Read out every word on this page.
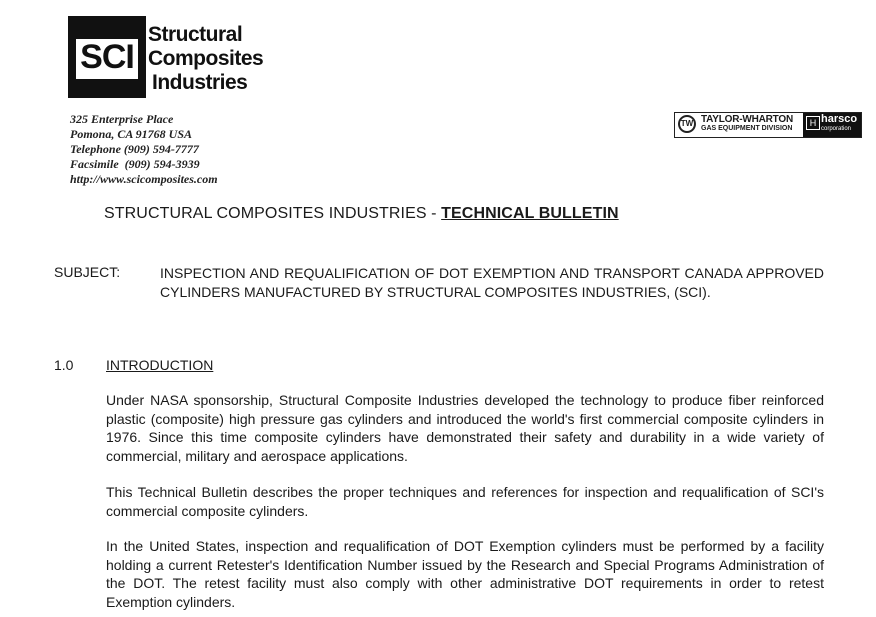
SCI
Structural
Composites
Industries
325 Enterprise Place
Pomona, CA 91768 USA
Telephone (909) 594-7777
Facsimile  (909) 594-3939
http://www.scicomposites.com
TW TAYLOR-WHARTON
GAS EQUIPMENT DIVISION
H harsco
corporation
STRUCTURAL COMPOSITES INDUSTRIES - TECHNICAL BULLETIN
SUBJECT:	INSPECTION AND REQUALIFICATION OF DOT EXEMPTION AND TRANSPORT CANADA APPROVED CYLINDERS MANUFACTURED BY STRUCTURAL COMPOSITES INDUSTRIES, (SCI).
1.0 INTRODUCTION
Under NASA sponsorship, Structural Composite Industries developed the technology to produce fiber reinforced plastic (composite) high pressure gas cylinders and introduced the world's first commercial composite cylinders in 1976. Since this time composite cylinders have demonstrated their safety and durability in a wide variety of commercial, military and aerospace applications.
This Technical Bulletin describes the proper techniques and references for inspection and requalification of SCI's commercial composite cylinders.
In the United States, inspection and requalification of DOT Exemption cylinders must be performed by a facility holding a current Retester's Identification Number issued by the Research and Special Programs Administration of the DOT. The retest facility must also comply with other administrative DOT requirements in order to retest Exemption cylinders.
